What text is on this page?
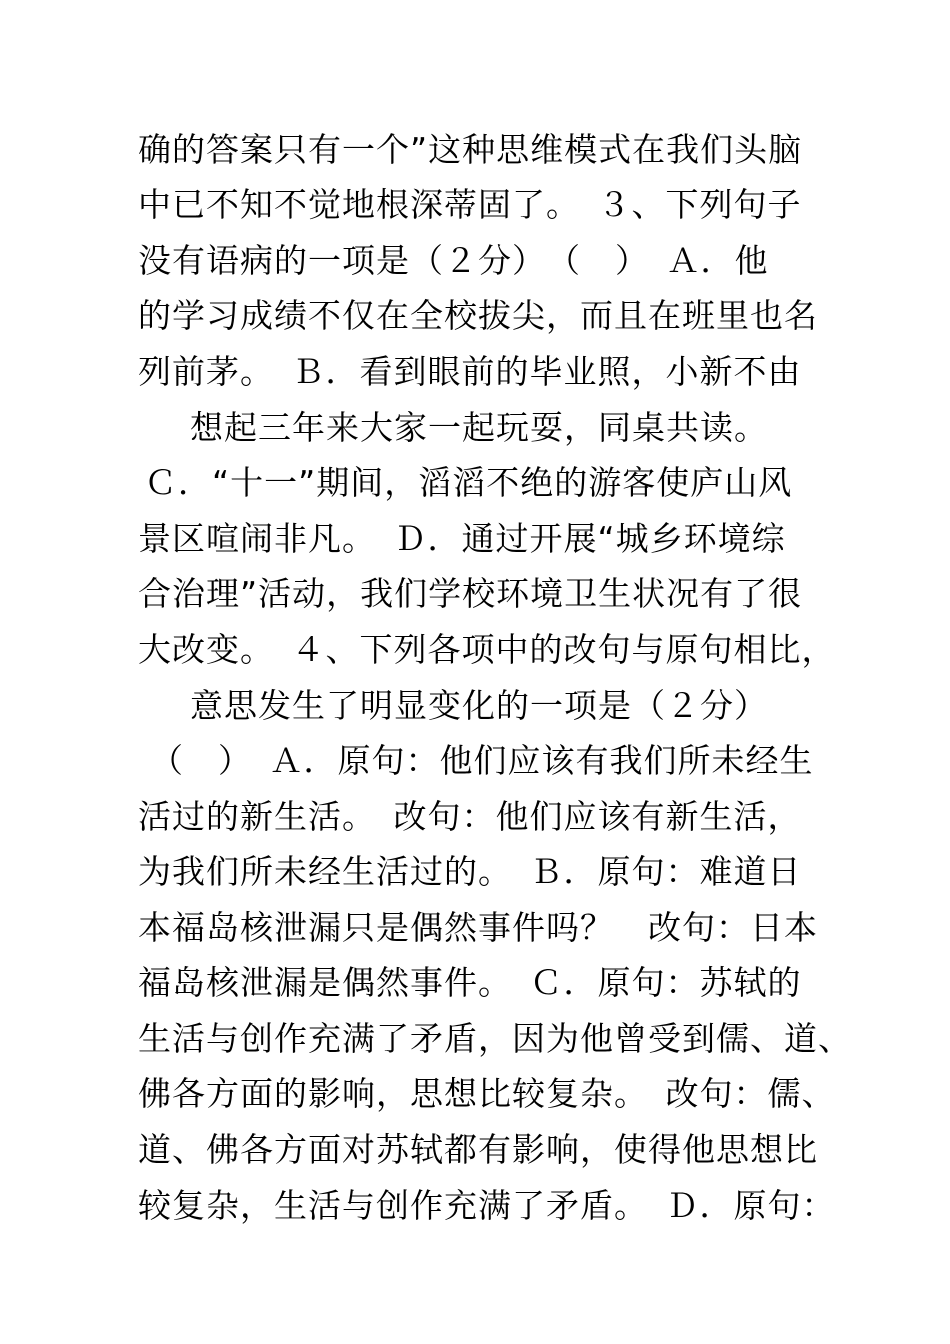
确的答案只有一个”这种思维模式在我们头脑
中已不知不觉地根深蒂固了。　３、下列句子
没有语病的一项是（２分）　（　）　Ａ．他
的学习成绩不仅在全校拔尖，而且在班里也名
列前茅。　Ｂ．看到眼前的毕业照，小新不由
想起三年来大家一起玩耍，同桌共读。
Ｃ．“十一”期间，滔滔不绝的游客使庐山风
景区喧闹非凡。　Ｄ．通过开展“城乡环境综
合治理”活动，我们学校环境卫生状况有了很
大改变。　４、下列各项中的改句与原句相比，
意思发生了明显变化的一项是（２分）
（　）　Ａ．原句：他们应该有我们所未经生
活过的新生活。　改句：他们应该有新生活，
为我们所未经生活过的。　Ｂ．原句：难道日
本福岛核泄漏只是偶然事件吗？　改句：日本
福岛核泄漏是偶然事件。　Ｃ．原句：苏轼的
生活与创作充满了矛盾，因为他曾受到儒、道、
佛各方面的影响，思想比较复杂。　改句：儒、
道、佛各方面对苏轼都有影响，使得他思想比
较复杂，生活与创作充满了矛盾。　Ｄ．原句：
